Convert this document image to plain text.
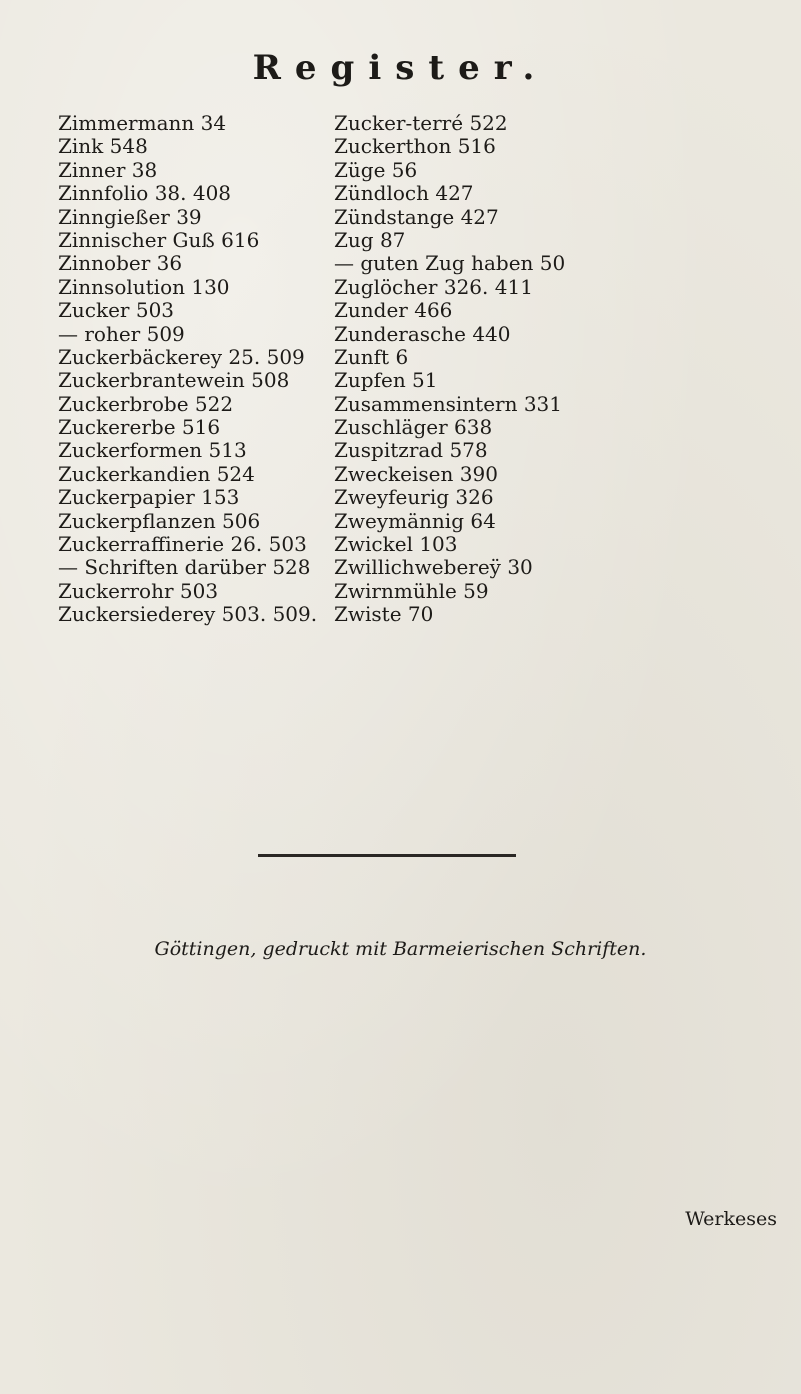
Register.
Zimmermann 34
Zink 548
Zinner 38
Zinnfolio 38. 408
Zinngießer 39
Zinnischer Guß 616
Zinnober 36
Zinnsolution 130
Zucker 503
— roher 509
Zuckerbäckerey 25. 509
Zuckerbrantewein 508
Zuckerbrobe 522
Zuckererbe 516
Zuckerformen 513
Zuckerkandien 524
Zuckerpapier 153
Zuckerpflanzen 506
Zuckerraffinerie 26. 503
— Schriften darüber 528
Zuckerrohr 503
Zuckersiederey 503. 509.
Zucker-terré 522
Zuckerthon 516
Züge 56
Zündloch 427
Zündstange 427
Zug 87
— guten Zug haben 50
Zuglöcher 326. 411
Zunder 466
Zunderasche 440
Zunft 6
Zupfen 51
Zusammensintern 331
Zuschläger 638
Zuspitzrad 578
Zweckeisen 390
Zweyfeurig 326
Zweymännig 64
Zwickel 103
Zwillichwebereÿ 30
Zwirnmühle 59
Zwiste 70
Göttingen, gedruckt mit Barmeierischen Schriften.
Werkeses
